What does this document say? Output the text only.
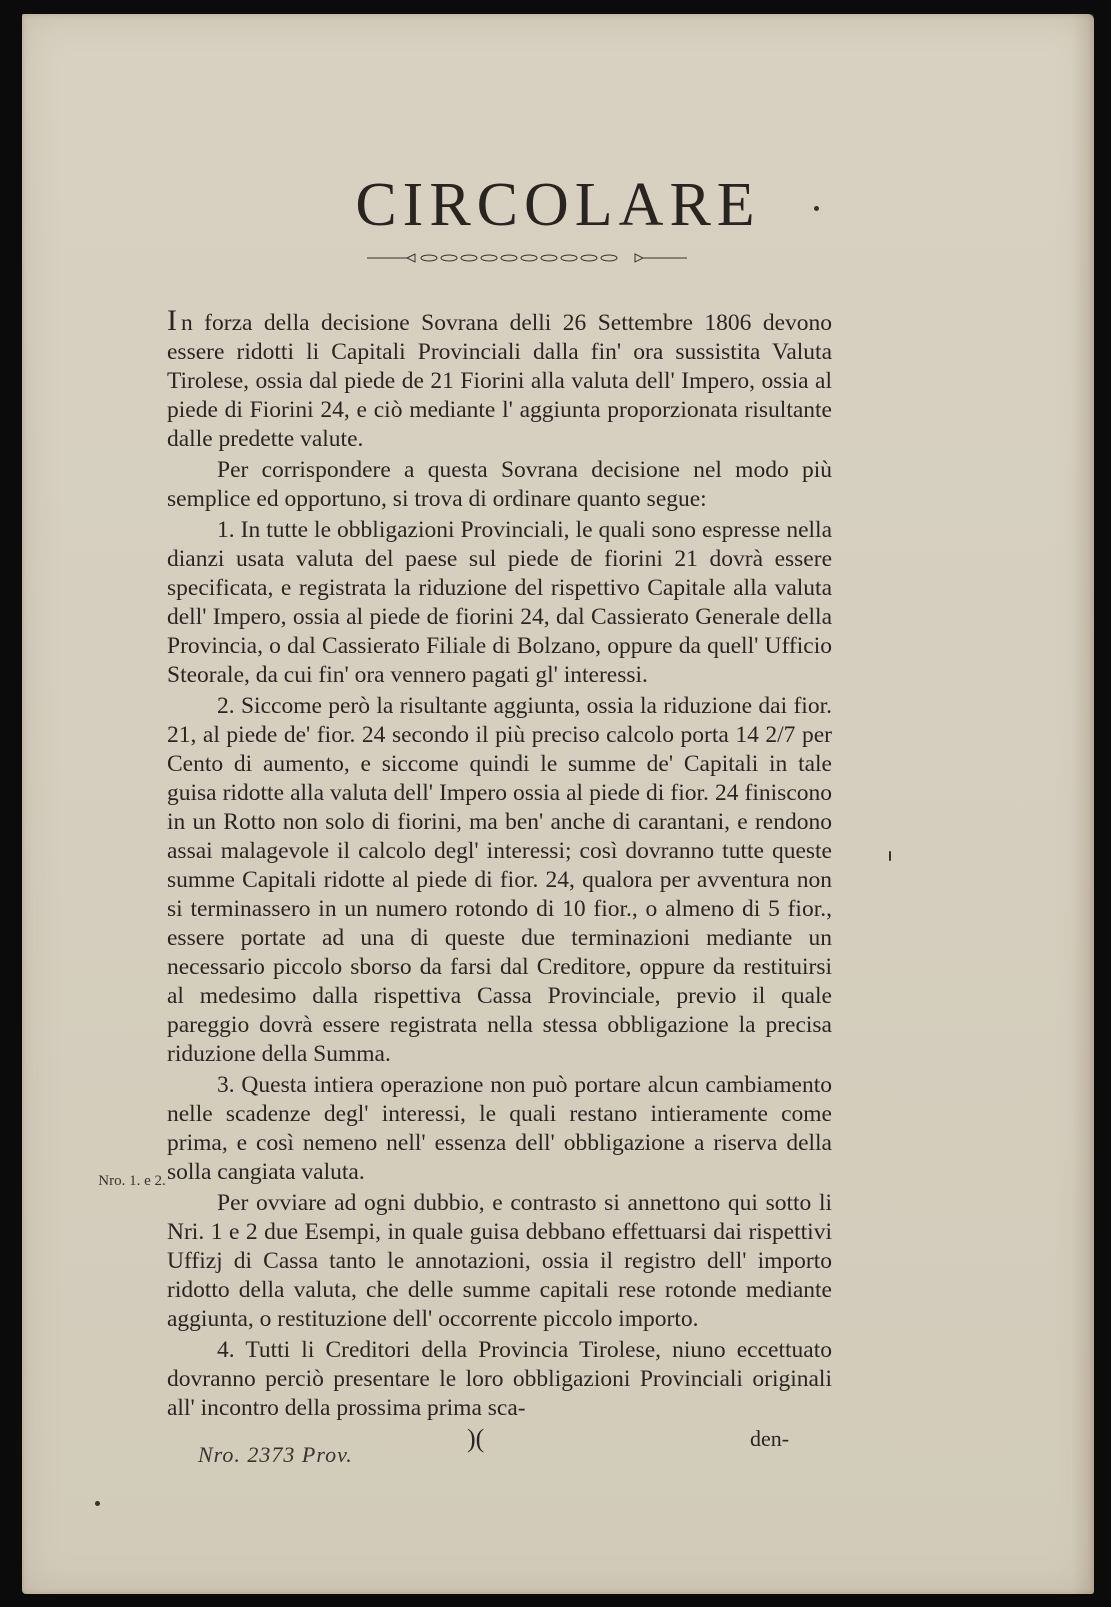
CIRCOLARE

I n forza della decisione Sovrana delli 26 Settembre 1806 devono essere ridotti li Capitali Provinciali dalla fin' ora sussistita Valuta Tirolese, ossia dal piede de 21 Fiorini alla valuta dell' Impero, ossia al piede di Fiorini 24, e ciò mediante l' aggiunta proporzionata risultante dalle predette valute.

Per corrispondere a questa Sovrana decisione nel modo più semplice ed opportuno, si trova di ordinare quanto segue:

1. In tutte le obbligazioni Provinciali, le quali sono espresse nella dianzi usata valuta del paese sul piede de fiorini 21 dovrà essere specificata, e registrata la riduzione del rispettivo Capitale alla valuta dell' Impero, ossia al piede de fiorini 24, dal Cassierato Generale della Provincia, o dal Cassierato Filiale di Bolzano, oppure da quell' Ufficio Steorale, da cui fin' ora vennero pagati gl' interessi.

2. Siccome però la risultante aggiunta, ossia la riduzione dai fior. 21, al piede de' fior. 24 secondo il più preciso calcolo porta 14 2/7 per Cento di aumento, e siccome quindi le summe de' Capitali in tale guisa ridotte alla valuta dell' Impero ossia al piede di fior. 24 finiscono in un Rotto non solo di fiorini, ma ben' anche di carantani, e rendono assai malagevole il calcolo degl' interessi; così dovranno tutte queste summe Capitali ridotte al piede di fior. 24, qualora per avventura non si terminassero in un numero rotondo di 10 fior., o almeno di 5 fior., essere portate ad una di queste due terminazioni mediante un necessario piccolo sborso da farsi dal Creditore, oppure da restituirsi al medesimo dalla rispettiva Cassa Provinciale, previo il quale pareggio dovrà essere registrata nella stessa obbligazione la precisa riduzione della Summa.

3. Questa intiera operazione non può portare alcun cambiamento nelle scadenze degl' interessi, le quali restano intieramente come prima, e così nemeno nell' essenza dell' obbligazione a riserva della solla cangiata valuta.

Per ovviare ad ogni dubbio, e contrasto si annettono qui sotto li Nri. 1 e 2 due Esempi, in quale guisa debbano effettuarsi dai rispettivi Uffizj di Cassa tanto le annotazioni, ossia il registro dell' importo ridotto della valuta, che delle summe capitali rese rotonde mediante aggiunta, o restituzione dell' occorrente piccolo importo.

4. Tutti li Creditori della Provincia Tirolese, niuno eccettuato dovranno perciò presentare le loro obbligazioni Provinciali originali all' incontro della prossima prima sca-

Nro. 1. e 2.
Nro. 2373 Prov.
)(	den-
